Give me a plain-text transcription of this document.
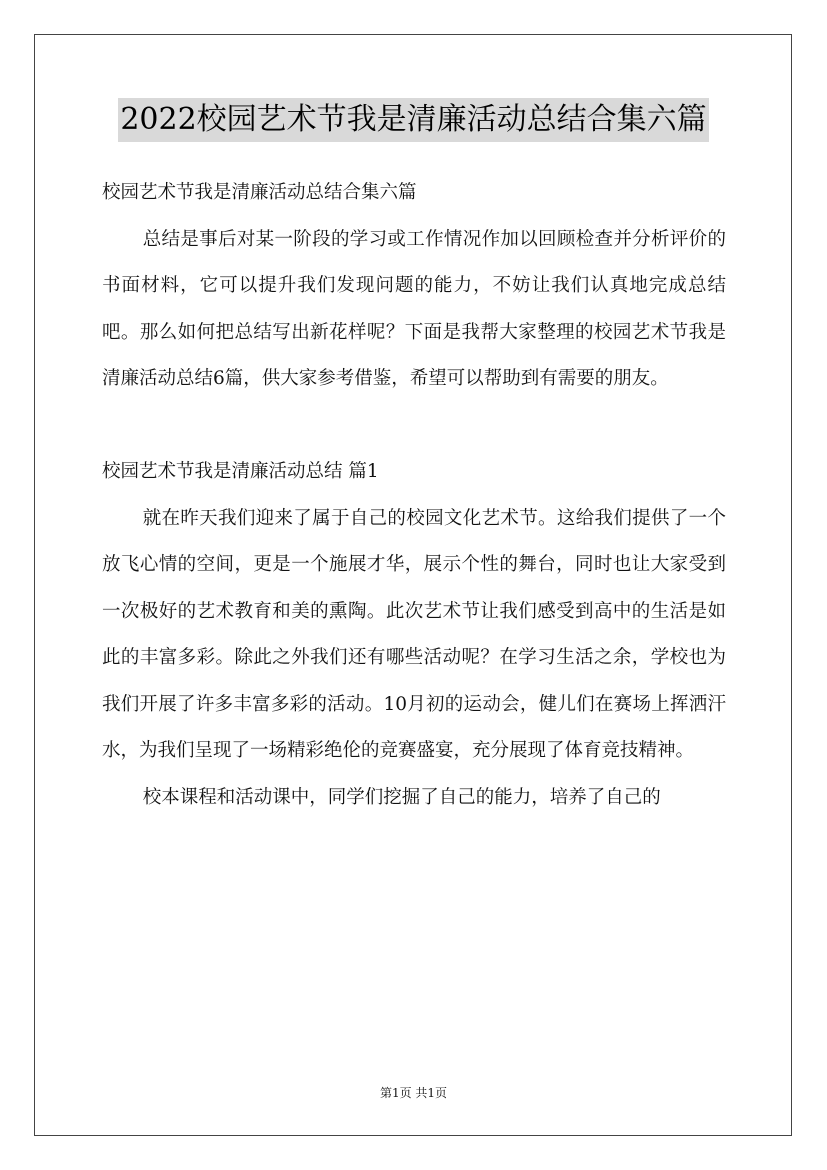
2022校园艺术节我是清廉活动总结合集六篇

校园艺术节我是清廉活动总结合集六篇

总结是事后对某一阶段的学习或工作情况作加以回顾检查并分析评价的书面材料，它可以提升我们发现问题的能力，不妨让我们认真地完成总结吧。那么如何把总结写出新花样呢？下面是我帮大家整理的校园艺术节我是清廉活动总结6篇，供大家参考借鉴，希望可以帮助到有需要的朋友。

校园艺术节我是清廉活动总结 篇1

就在昨天我们迎来了属于自己的校园文化艺术节。这给我们提供了一个放飞心情的空间，更是一个施展才华，展示个性的舞台，同时也让大家受到一次极好的艺术教育和美的熏陶。此次艺术节让我们感受到高中的生活是如此的丰富多彩。除此之外我们还有哪些活动呢？在学习生活之余，学校也为我们开展了许多丰富多彩的活动。10月初的运动会，健儿们在赛场上挥洒汗水，为我们呈现了一场精彩绝伦的竞赛盛宴，充分展现了体育竞技精神。

校本课程和活动课中，同学们挖掘了自己的能力，培养了自己的

第1页 共1页
